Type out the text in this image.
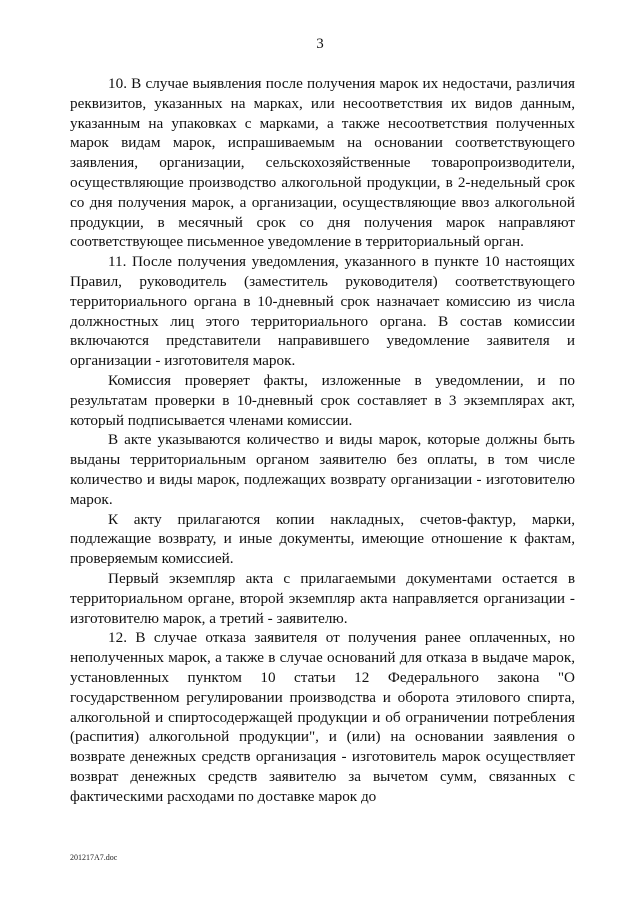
3

10. В случае выявления после получения марок их недостачи, различия реквизитов, указанных на марках, или несоответствия их видов данным, указанным на упаковках с марками, а также несоответствия полученных марок видам марок, испрашиваемым на основании соответствующего заявления, организации, сельскохозяйственные товаропроизводители, осуществляющие производство алкогольной продукции, в 2-недельный срок со дня получения марок, а организации, осуществляющие ввоз алкогольной продукции, в месячный срок со дня получения марок направляют соответствующее письменное уведомление в территориальный орган.

11. После получения уведомления, указанного в пункте 10 настоящих Правил, руководитель (заместитель руководителя) соответствующего территориального органа в 10-дневный срок назначает комиссию из числа должностных лиц этого территориального органа. В состав комиссии включаются представители направившего уведомление заявителя и организации - изготовителя марок.

Комиссия проверяет факты, изложенные в уведомлении, и по результатам проверки в 10-дневный срок составляет в 3 экземплярах акт, который подписывается членами комиссии.

В акте указываются количество и виды марок, которые должны быть выданы территориальным органом заявителю без оплаты, в том числе количество и виды марок, подлежащих возврату организации - изготовителю марок.

К акту прилагаются копии накладных, счетов-фактур, марки, подлежащие возврату, и иные документы, имеющие отношение к фактам, проверяемым комиссией.

Первый экземпляр акта с прилагаемыми документами остается в территориальном органе, второй экземпляр акта направляется организации - изготовителю марок, а третий - заявителю.

12. В случае отказа заявителя от получения ранее оплаченных, но неполученных марок, а также в случае оснований для отказа в выдаче марок, установленных пунктом 10 статьи 12 Федерального закона "О государственном регулировании производства и оборота этилового спирта, алкогольной и спиртосодержащей продукции и об ограничении потребления (распития) алкогольной продукции", и (или) на основании заявления о возврате денежных средств организация - изготовитель марок осуществляет возврат денежных средств заявителю за вычетом сумм, связанных с фактическими расходами по доставке марок до

201217A7.doc
